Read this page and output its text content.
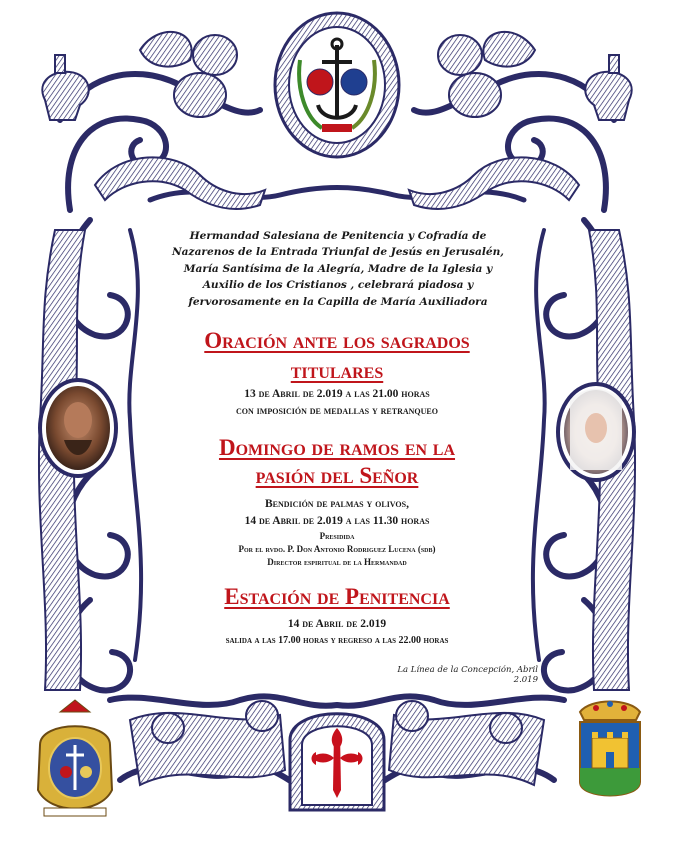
Hermandad Salesiana de Penitencia y Cofradía de Nazarenos de la Entrada Triunfal de Jesús en Jerusalén, María Santísima de la Alegría, Madre de la Iglesia y Auxilio de los Cristianos , celebrará piadosa y fervorosamente en la Capilla de María Auxiliadora
Oración ante los sagrados
titulares
13 de Abril de 2.019 a las 21.00 horas
con imposición de medallas y retranqueo
Domingo de ramos en la
pasión del Señor
Bendición de palmas y olivos,
14 de Abril de 2.019 a las 11.30 horas
Presidida
Por el rvdo. P. Don Antonio Rodriguez Lucena (sdb)
Director espiritual de la Hermandad
Estación de Penitencia
14 de Abril de 2.019
salida a las 17.00 horas y regreso a las 22.00 horas
La Línea de la Concepción, Abril 2.019
